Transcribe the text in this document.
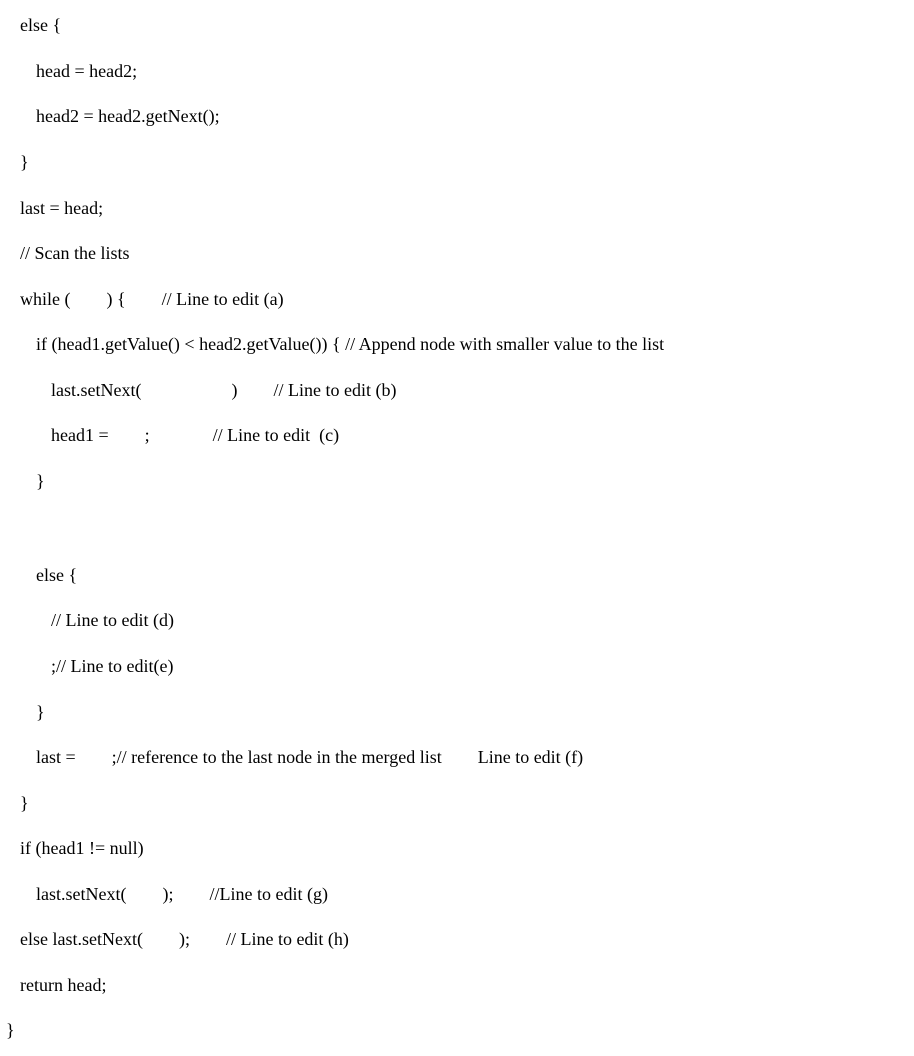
else {
head = head2;
head2 = head2.getNext();
}
last = head;
// Scan the lists
while (        ) {        // Line to edit (a)
if (head1.getValue() < head2.getValue()) { // Append node with smaller value to the list
last.setNext(                    )        // Line to edit (b)
head1 =        ;              // Line to edit  (c)
}
else {
// Line to edit (d)
;// Line to edit(e)
}
last =        ;// reference to the last node in the merged list        Line to edit (f)
}
if (head1 != null)
last.setNext(        );        //Line to edit (g)
else last.setNext(        );        // Line to edit (h)
return head;
}
